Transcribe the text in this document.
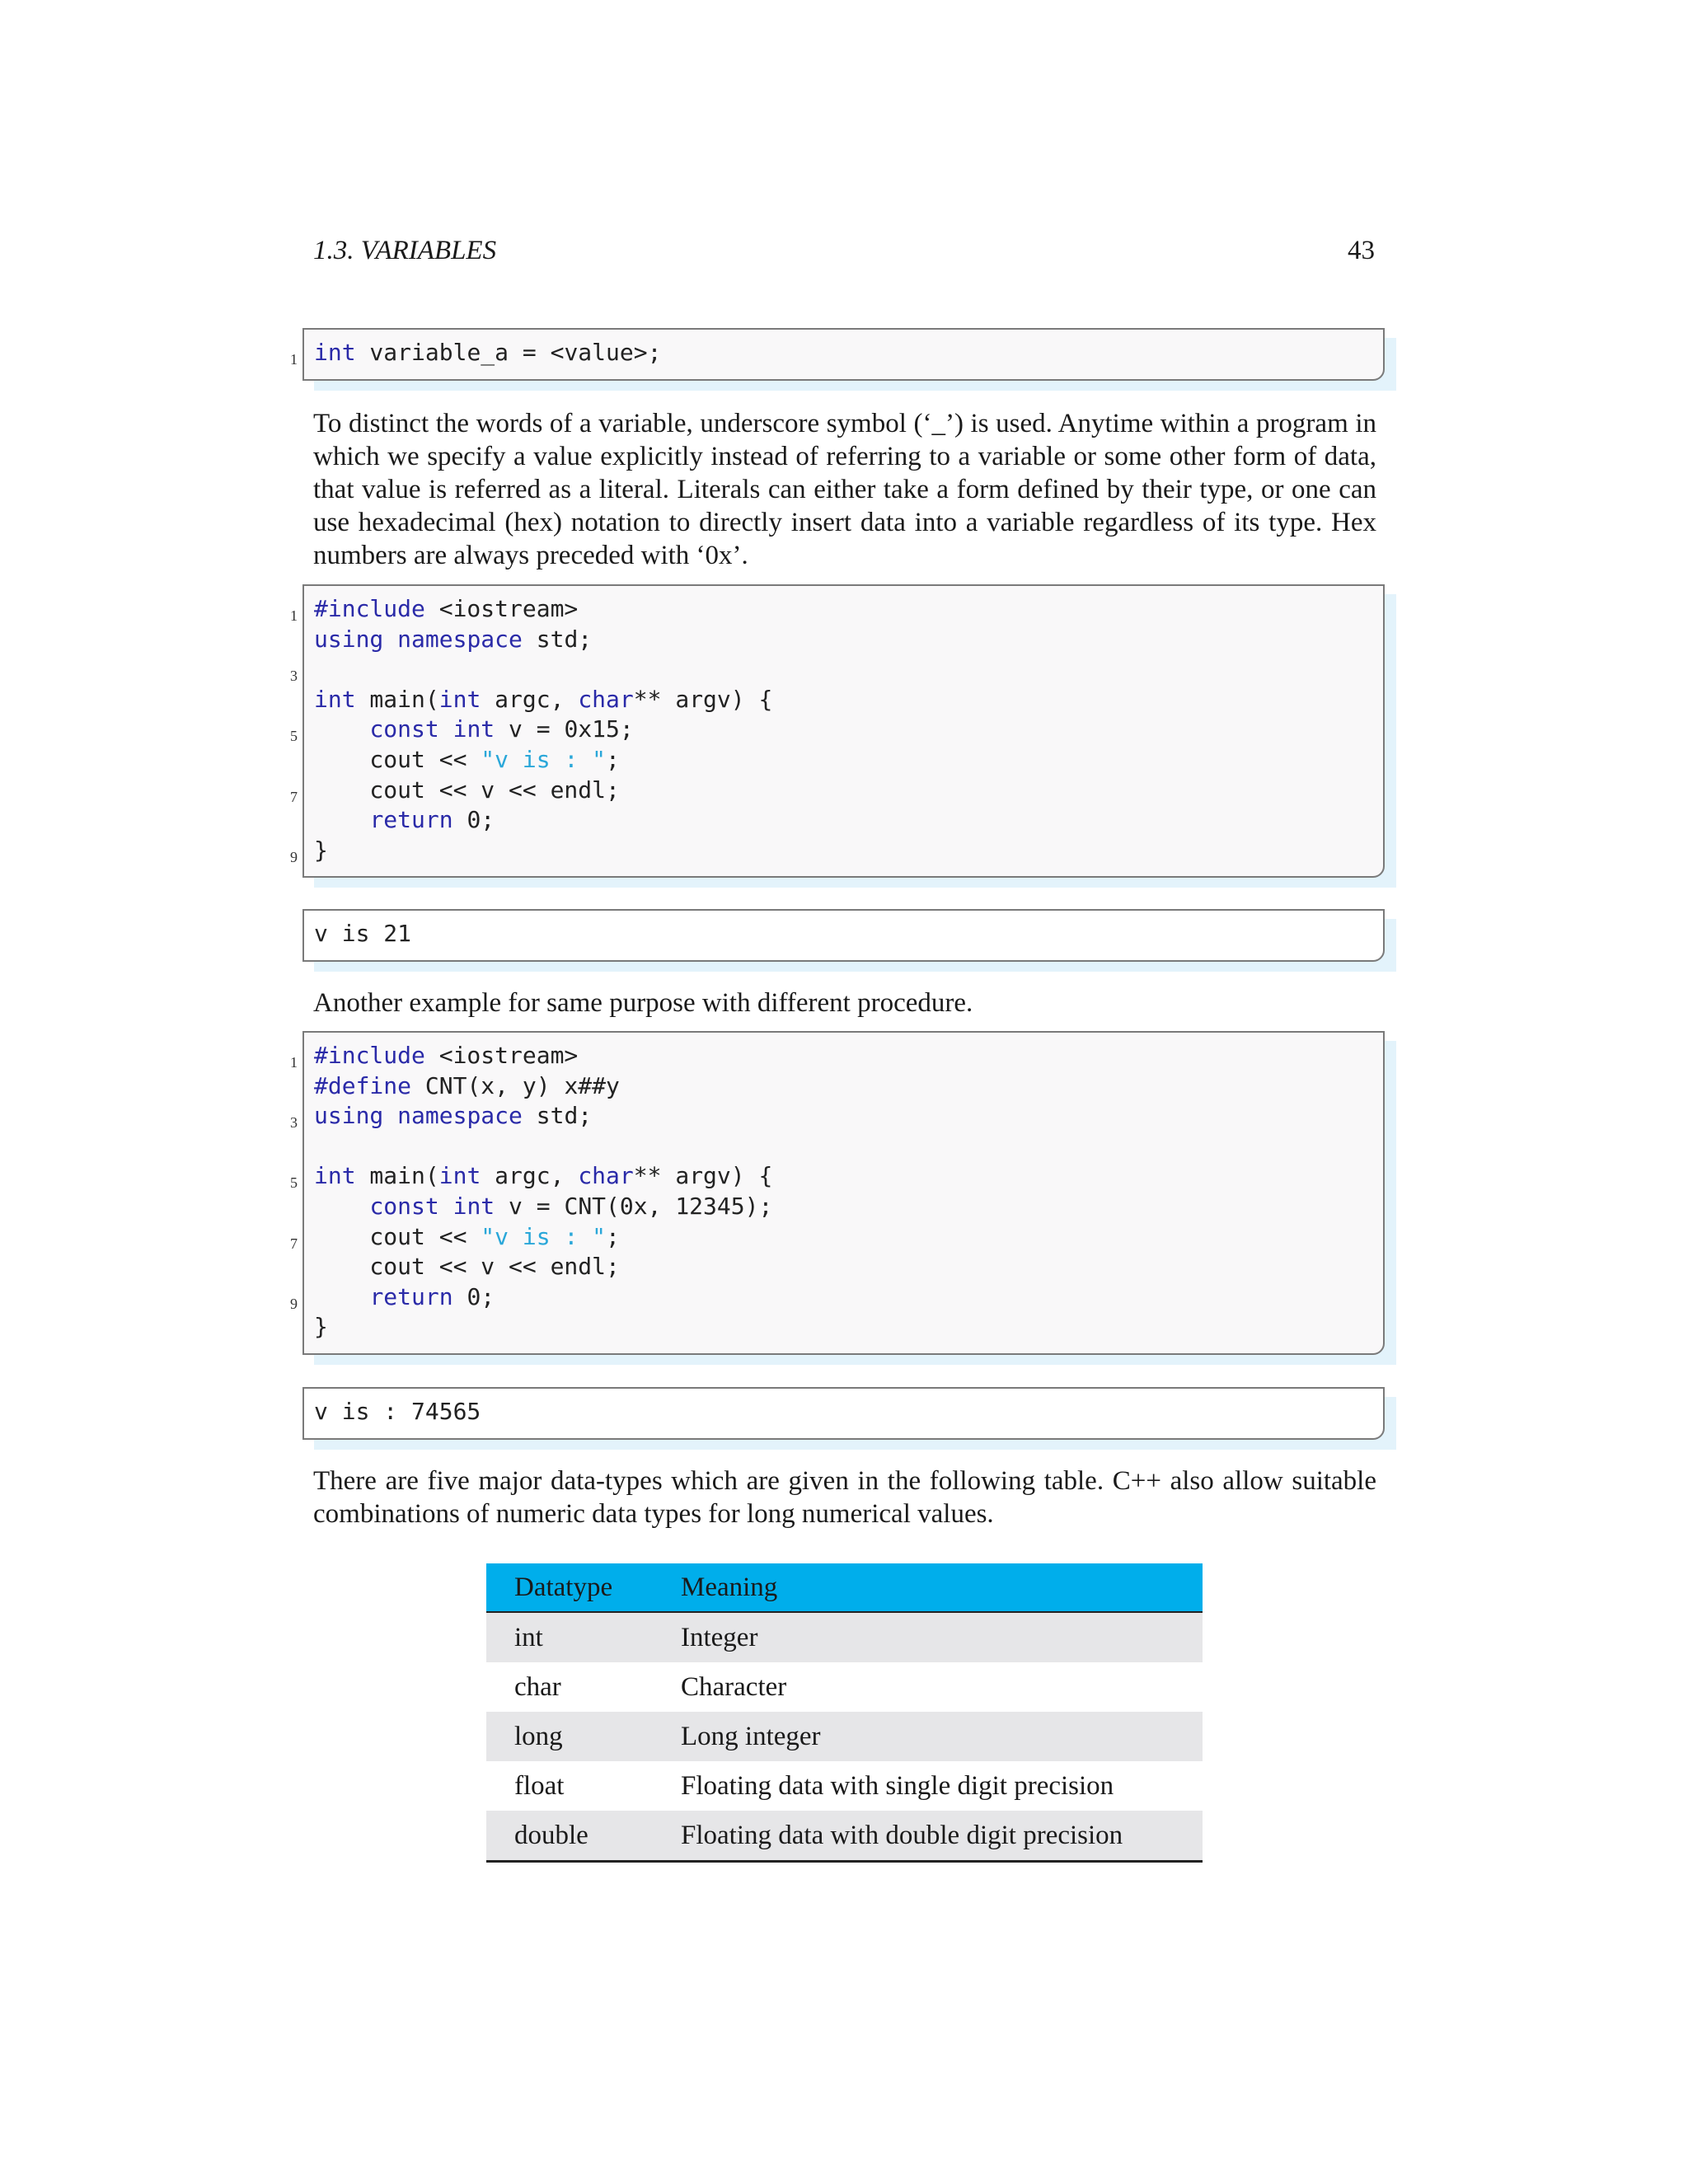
1.3. VARIABLES	43
1 int variable_a = <value>;
To distinct the words of a variable, underscore symbol (‘_’) is used. Anytime within a program in which we specify a value explicitly instead of referring to a variable or some other form of data, that value is referred as a literal. Literals can either take a form defined by their type, or one can use hexadecimal (hex) notation to directly insert data into a variable regardless of its type. Hex numbers are always preceded with ‘0x’.
1 #include <iostream>
using namespace std;
3
int main(int argc, char** argv) {
5	const int v = 0x15;
cout << "v is : ";
7 cout << v << endl;
return 0;
9 }
v is 21
Another example for same purpose with different procedure.
1 #include <iostream>
#define CNT(x, y) x##y
3 using namespace std;
5 int main(int argc, char** argv) {
const int v = CNT(0x, 12345);
7 cout << "v is : ";
cout << v << endl;
9	return 0;
}
v is : 74565
There are five major data-types which are given in the following table. C++ also allow suitable combinations of numeric data types for long numerical values.
Datatype	Meaning
int	Integer
char	Character
long	Long integer
float	Floating data with single digit precision
double	Floating data with double digit precision
